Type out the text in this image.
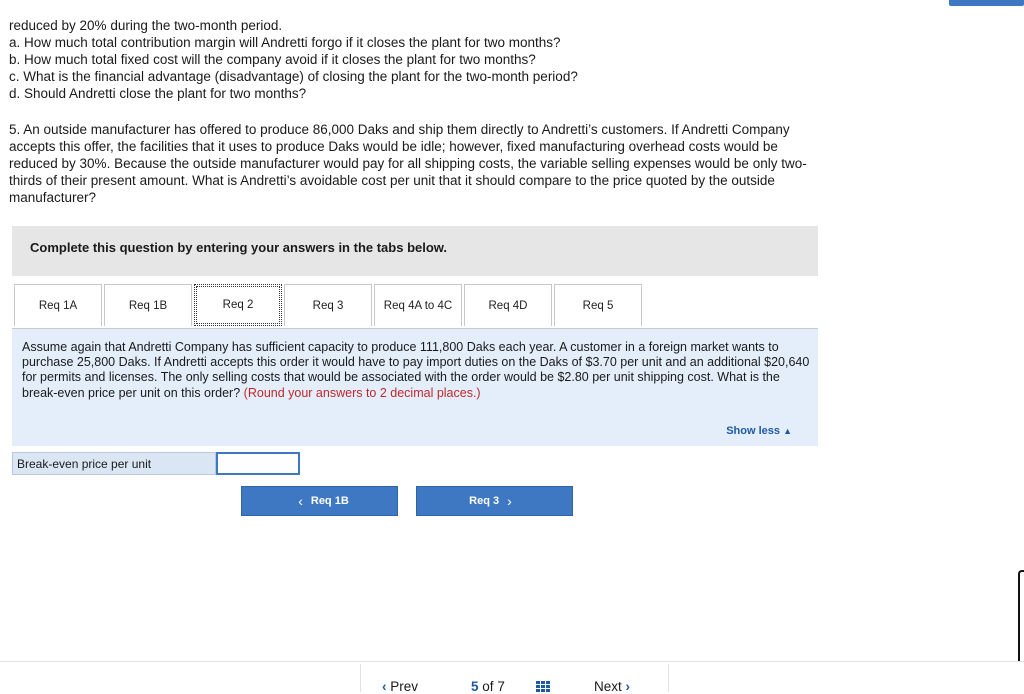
reduced by 20% during the two-month period.
a. How much total contribution margin will Andretti forgo if it closes the plant for two months?
b. How much total fixed cost will the company avoid if it closes the plant for two months?
c. What is the financial advantage (disadvantage) of closing the plant for the two-month period?
d. Should Andretti close the plant for two months?
5. An outside manufacturer has offered to produce 86,000 Daks and ship them directly to Andretti’s customers. If Andretti Company
accepts this offer, the facilities that it uses to produce Daks would be idle; however, fixed manufacturing overhead costs would be
reduced by 30%. Because the outside manufacturer would pay for all shipping costs, the variable selling expenses would be only two-
thirds of their present amount. What is Andretti’s avoidable cost per unit that it should compare to the price quoted by the outside
manufacturer?
Complete this question by entering your answers in the tabs below.
Req 1A	Req 1B	Req 2	Req 3	Req 4A to 4C	Req 4D	Req 5
Assume again that Andretti Company has sufficient capacity to produce 111,800 Daks each year. A customer in a foreign market wants to purchase 25,800 Daks. If Andretti accepts this order it would have to pay import duties on the Daks of $3.70 per unit and an additional $20,640 for permits and licenses. The only selling costs that would be associated with the order would be $2.80 per unit shipping cost. What is the break-even price per unit on this order? (Round your answers to 2 decimal places.)
Show less ▲
Break-even price per unit
‹ Req 1B	Req 3 ›
‹ Prev	5 of 7	Next ›
